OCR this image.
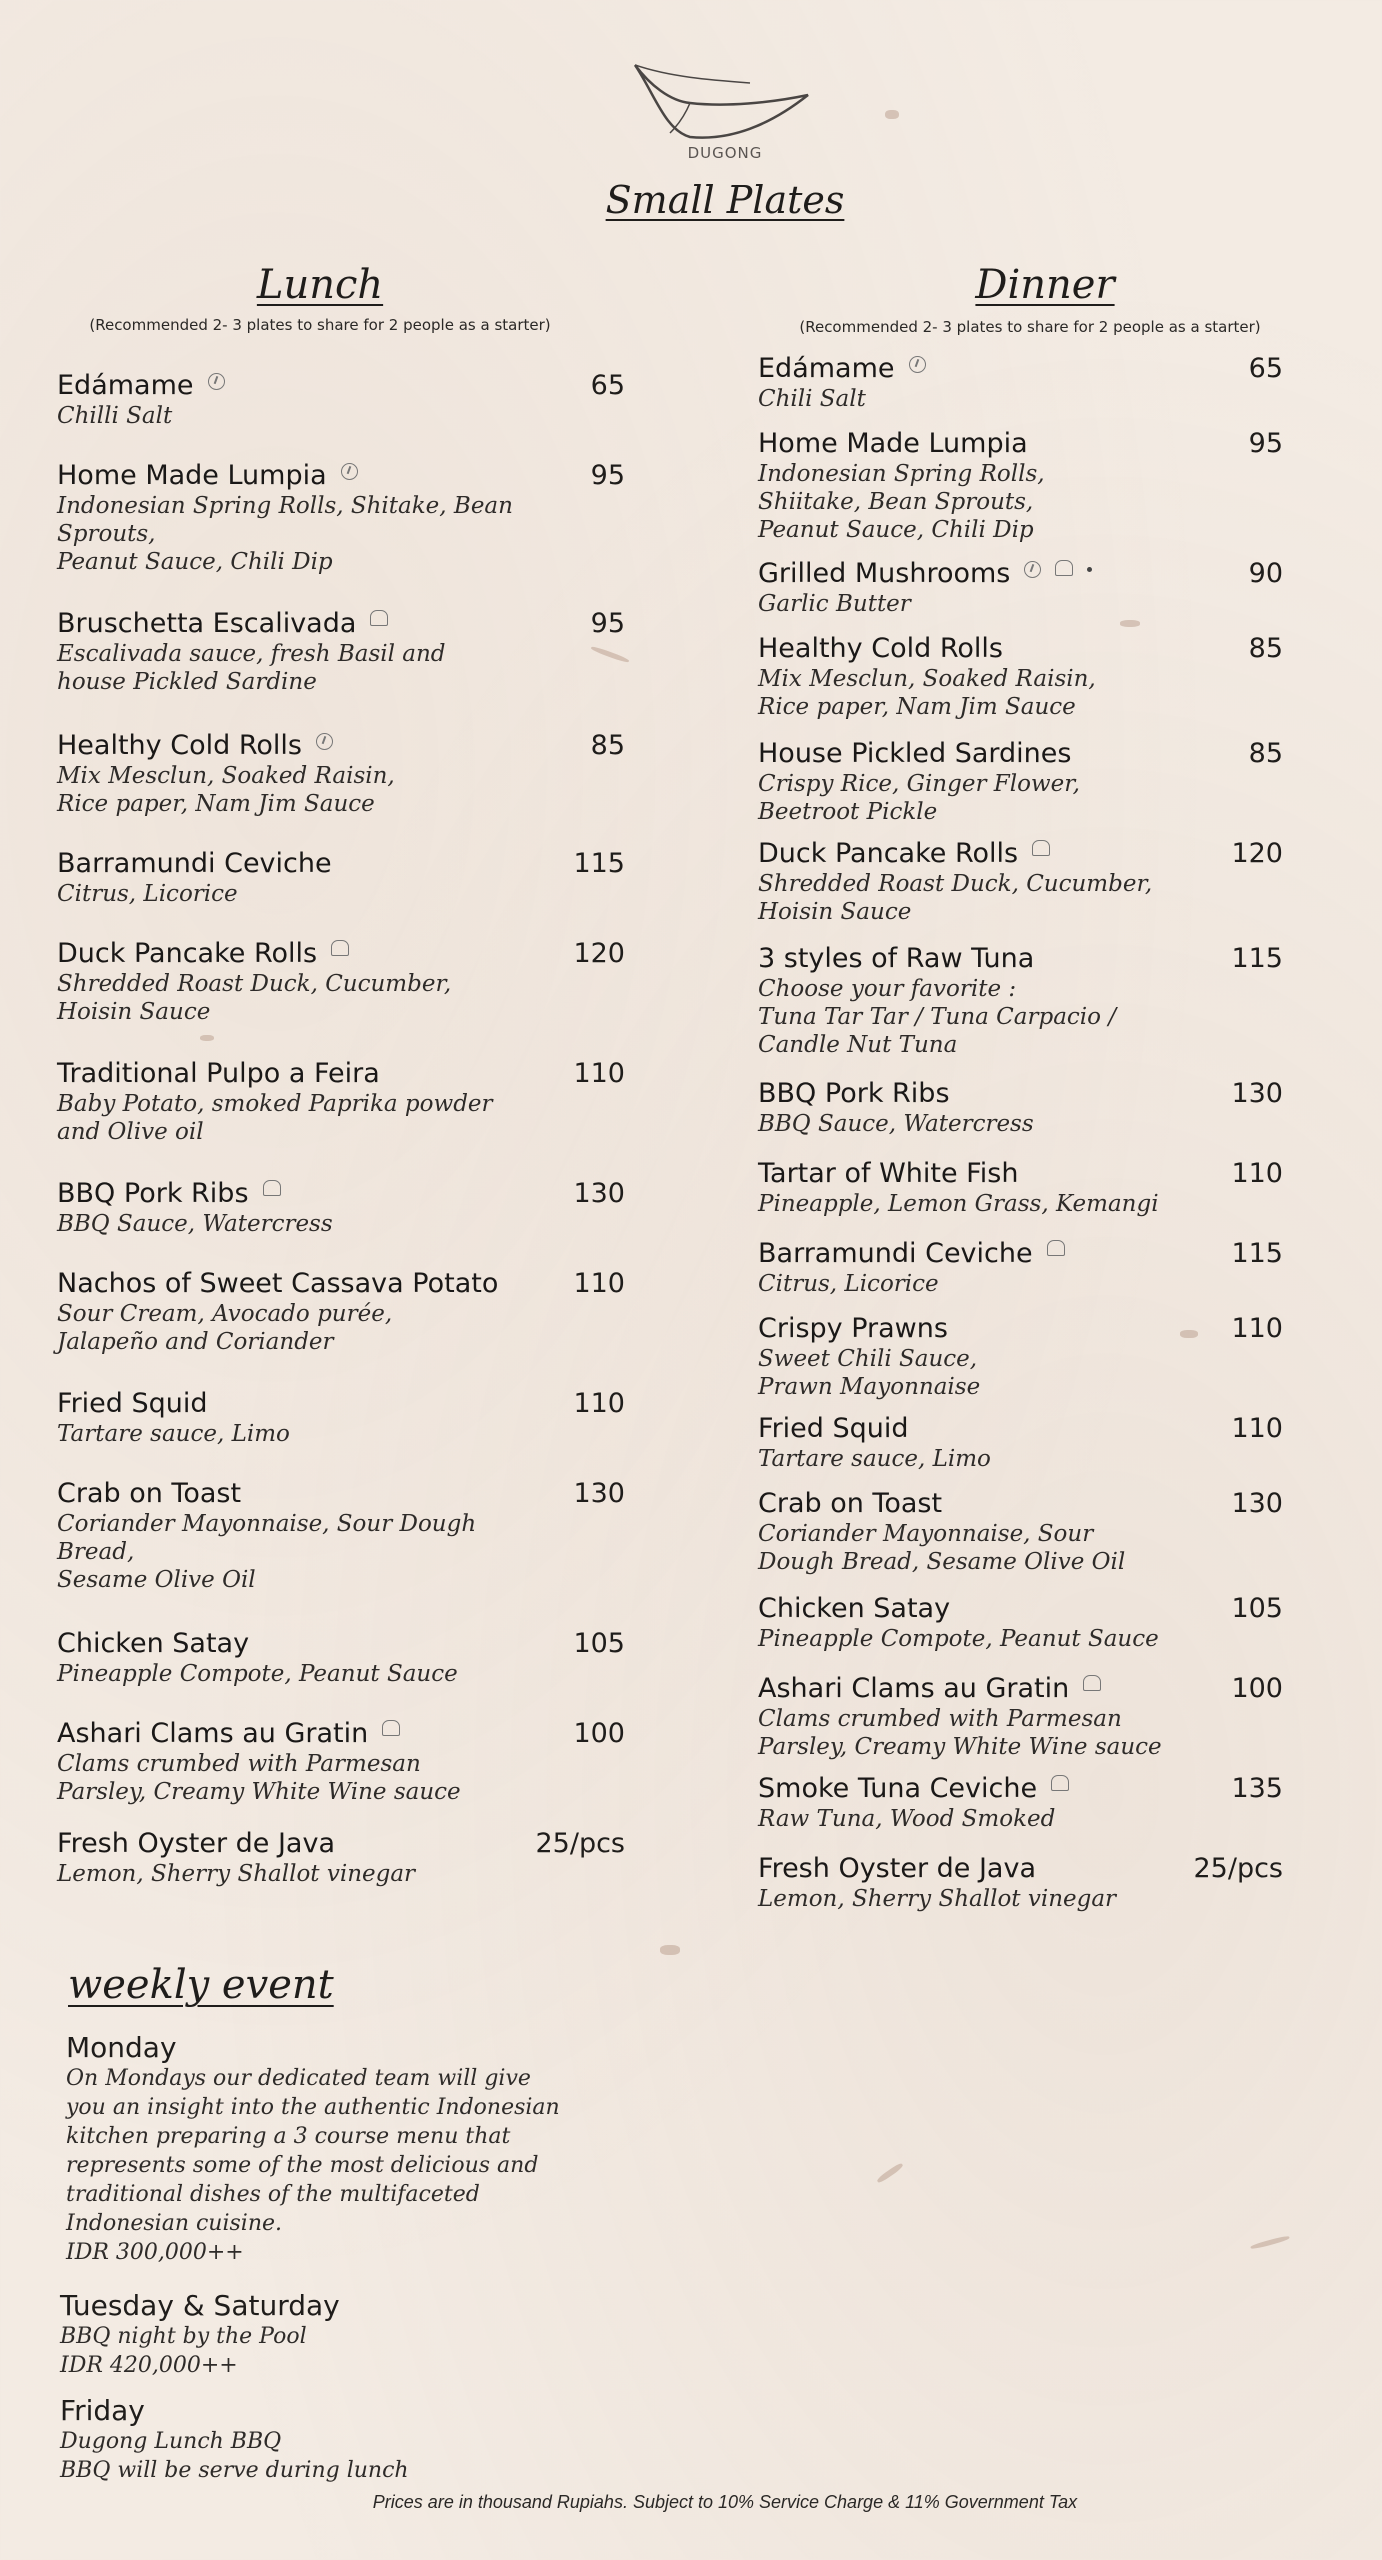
DUGONG
Small Plates
Lunch
(Recommended 2- 3 plates to share for 2 people as a starter)
Dinner
(Recommended 2- 3 plates to share for 2 people as a starter)
Edámame	65
Chilli Salt
Home Made Lumpia	95
Indonesian Spring Rolls, Shitake, Bean
Sprouts,
Peanut Sauce, Chili Dip
Bruschetta Escalivada	95
Escalivada sauce, fresh Basil and
house Pickled Sardine
Healthy Cold Rolls	85
Mix Mesclun, Soaked Raisin,
Rice paper, Nam Jim Sauce
Barramundi Ceviche	115
Citrus, Licorice
Duck Pancake Rolls	120
Shredded Roast Duck, Cucumber,
Hoisin Sauce
Traditional Pulpo a Feira	110
Baby Potato, smoked Paprika powder
and Olive oil
BBQ Pork Ribs	130
BBQ Sauce, Watercress
Nachos of Sweet Cassava Potato	110
Sour Cream, Avocado purée,
Jalapeño and Coriander
Fried Squid	110
Tartare sauce, Limo
Crab on Toast	130
Coriander Mayonnaise, Sour Dough
Bread,
Sesame Olive Oil
Chicken Satay	105
Pineapple Compote, Peanut Sauce
Ashari Clams au Gratin	100
Clams crumbed with Parmesan
Parsley, Creamy White Wine sauce
Fresh Oyster de Java	25/pcs
Lemon, Sherry Shallot vinegar
Edámame	65
Chili Salt
Home Made Lumpia	95
Indonesian Spring Rolls,
Shiitake, Bean Sprouts,
Peanut Sauce, Chili Dip
Grilled Mushrooms	90
Garlic Butter
Healthy Cold Rolls	85
Mix Mesclun, Soaked Raisin,
Rice paper, Nam Jim Sauce
House Pickled Sardines	85
Crispy Rice, Ginger Flower,
Beetroot Pickle
Duck Pancake Rolls	120
Shredded Roast Duck, Cucumber,
Hoisin Sauce
3 styles of Raw Tuna	115
Choose your favorite :
Tuna Tar Tar / Tuna Carpacio /
Candle Nut Tuna
BBQ Pork Ribs	130
BBQ Sauce, Watercress
Tartar of White Fish	110
Pineapple, Lemon Grass, Kemangi
Barramundi Ceviche	115
Citrus, Licorice
Crispy Prawns	110
Sweet Chili Sauce,
Prawn Mayonnaise
Fried Squid	110
Tartare sauce, Limo
Crab on Toast	130
Coriander Mayonnaise, Sour
Dough Bread, Sesame Olive Oil
Chicken Satay	105
Pineapple Compote, Peanut Sauce
Ashari Clams au Gratin	100
Clams crumbed with Parmesan
Parsley, Creamy White Wine sauce
Smoke Tuna Ceviche	135
Raw Tuna, Wood Smoked
Fresh Oyster de Java	25/pcs
Lemon, Sherry Shallot vinegar
weekly event
Monday
On Mondays our dedicated team will give
you an insight into the authentic Indonesian
kitchen preparing a 3 course menu that
represents some of the most delicious and
traditional dishes of the multifaceted
Indonesian cuisine.
IDR 300,000++
Tuesday & Saturday
BBQ night by the Pool
IDR 420,000++
Friday
Dugong Lunch BBQ
BBQ will be serve during lunch
Prices are in thousand Rupiahs. Subject to 10% Service Charge & 11% Government Tax
